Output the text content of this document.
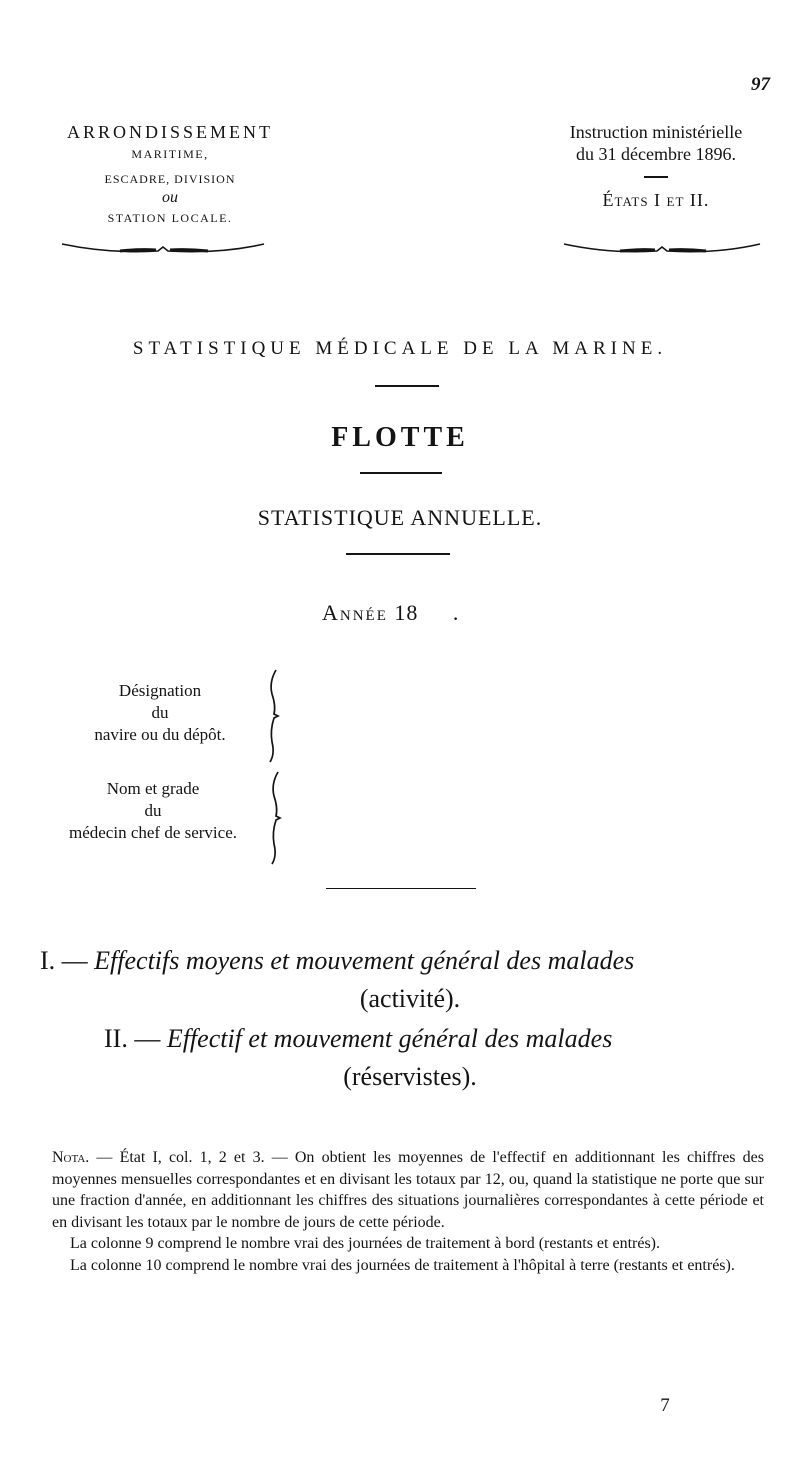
97
ARRONDISSEMENT
MARITIME,
ESCADRE, DIVISION
ou
STATION LOCALE.
Instruction ministérielle
du 31 décembre 1896.
États I et II.
STATISTIQUE MÉDICALE DE LA MARINE.
FLOTTE
STATISTIQUE ANNUELLE.
Année 18 .
Désignation
du
navire ou du dépôt.
Nom et grade
du
médecin chef de service.
I. — Effectifs moyens et mouvement général des malades
(activité).
II. — Effectif et mouvement général des malades
(réservistes).

Nota. — État I, col. 1, 2 et 3. — On obtient les moyennes de l'effectif en additionnant les chiffres des moyennes mensuelles correspondantes et en divisant les totaux par 12, ou, quand la statistique ne porte que sur une fraction d'année, en additionnant les chiffres des situations journalières correspondantes à cette période et en divisant les totaux par le nombre de jours de cette période.

La colonne 9 comprend le nombre vrai des journées de traitement à bord (restants et entrés).

La colonne 10 comprend le nombre vrai des journées de traitement à l'hôpital à terre (restants et entrés).

7
